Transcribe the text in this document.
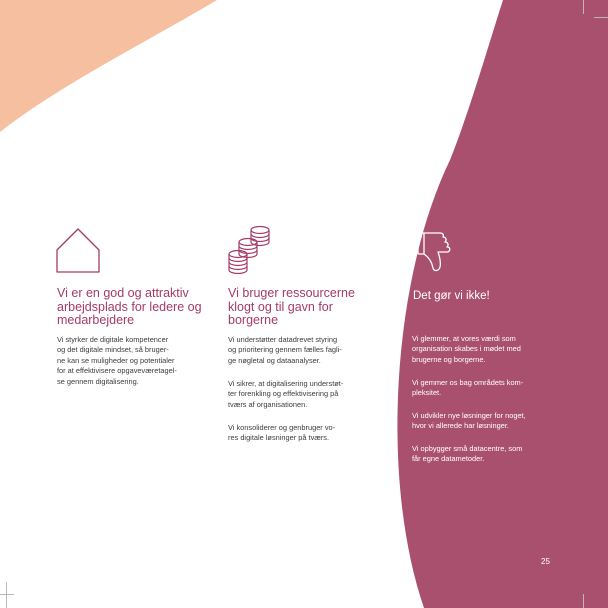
Vi er en god og attraktiv arbejdsplads for ledere og medarbejdere
Vi styrker de digitale kompetencer
og det digitale mindset, så bruger-
ne kan se muligheder og potentialer
for at effektivisere opgaveværetagel-
se gennem digitalisering.
Vi bruger ressourcerne klogt og til gavn for borgerne
Vi understøtter datadrevet styring
og prioritering gennem fælles fagli-
ge nøgletal og dataanalyser.
Vi sikrer, at digitalisering understøt-
ter forenkling og effektivisering på
tværs af organisationen.
Vi konsoliderer og genbruger vo-
res digitale løsninger på tværs.
Det gør vi ikke!
Vi glemmer, at vores værdi som
organisation skabes i mødet med
brugerne og borgerne.
Vi gemmer os bag områdets kom-
pleksitet.
Vi udvikler nye løsninger for noget,
hvor vi allerede har løsninger.
Vi opbygger små datacentre, som
får egne datametoder.
25
